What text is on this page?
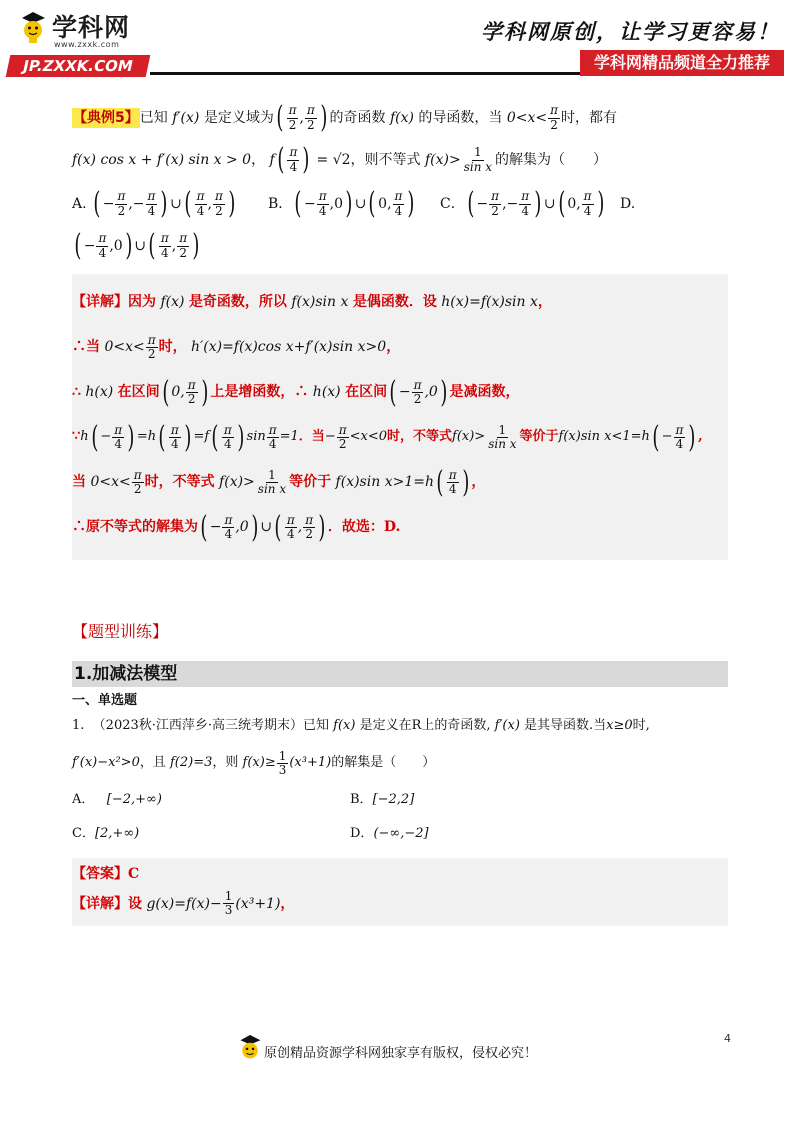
学科网
www.zxxk.com
JP.ZXXK.COM
学科网原创，让学习更容易！
学科网精品频道全力推荐
【典例5】 已知 f′(x) 是定义域为 ( $\frac{\pi}{2}$ , $\frac{\pi}{2}$ ) 的奇函数 f(x) 的导函数，当 $0<x< \frac{\pi}{2}$ 时，都有
f(x) cos x + f′(x) sin x > 0 ， f ( $\frac{\pi}{4}$ ) = √2 ，则不等式 $f(x)> \frac{1}{\text{sin x}}$ 的解集为（　　）
A.
( − $\frac{\pi}{2}$ ,− $\frac{\pi}{4}$ ) ∪ ( $\frac{\pi}{4}$ , $\frac{\pi}{2}$ ) B． ( − $\frac{\pi}{4} ,0$ ) ∪ ( 0, $\frac{\pi}{4}$ ) C． ( − $\frac{\pi}{2}$ ,− $\frac{\pi}{4}$ ) ∪ ( 0, $\frac{\pi}{4}$ ) D.
( − $\frac{\pi}{4} ,0$ ) ∪ ( $\frac{\pi}{4}$ , $\frac{\pi}{2}$ )
【详解】 因为 f(x) 是奇函数，所以 f(x)sin x 是偶函数．设 h(x)=f(x)sin x ，
∴当 $0<x< \frac{\pi}{2}$ 时， h′(x)=f(x)cos x+f′(x)sin x>0 ，
∴ h(x) 在区间 ( 0, $\frac{\pi}{2}$ ) 上是增函数，∴ h(x) 在区间 ( − $\frac{\pi}{2} ,0$ ) 是减函数，
∵ h ( − $\frac{\pi}{4}$ ) =h ( $\frac{\pi}{4}$ ) =f ( $\frac{\pi}{4}$ ) $\sin \frac{\pi}{4} =1$ ．当 − $\frac{\pi}{2} <x<0$ 时，不等式 $f(x)> \frac{1}{\text{sin x}}$ 等价于 f(x)sin x<1=h ( − $\frac{\pi}{4}$ ) ,
当 $0<x< \frac{\pi}{2}$ 时，不等式 $f(x)> \frac{1}{\text{sin x}}$ 等价于 f(x)sin x>1=h ( $\frac{\pi}{4}$ ) ，
∴原不等式的解集为 ( − $\frac{\pi}{4} ,0$ ) ∪ ( $\frac{\pi}{4}$ , $\frac{\pi}{2}$ ) ．故选：D.
【题型训练】
1.加减法模型
一、单选题
1.
（2023秋·江西萍乡·高三统考期末）已知 f(x) 是定义在R上的奇函数, f′(x) 是其导函数.当 x≥0 时,
f′(x)−x²>0 ，且 f(2)=3 ，则 $f(x)\ge \frac{1}{3} (x^3+1)$ 的解集是（　　）
A．
[−2,+∞)	B． [−2,2]
C． [2,+∞)	D． (−∞,−2]
【答案】 C
【详解】 设 $g(x)=f(x)- \frac{1}{3} (x^3+1)$ ，
原创精品资源学科网独家享有版权，侵权必究！
4
